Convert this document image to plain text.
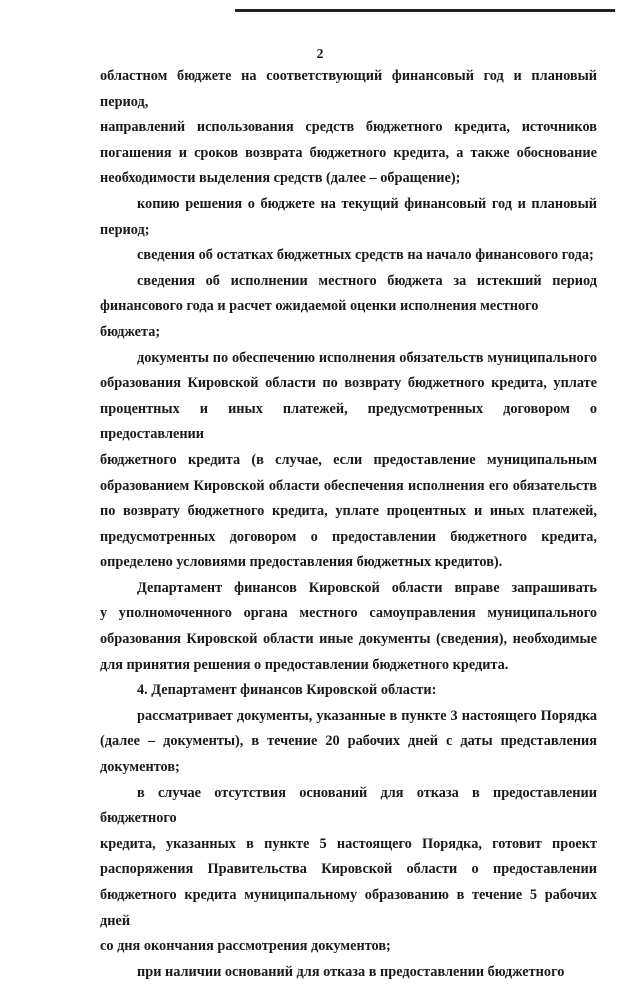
2

областном бюджете на соответствующий финансовый год и плановый период,

направлений использования средств бюджетного кредита, источников

погашения и сроков возврата бюджетного кредита, а также обоснование

необходимости выделения средств (далее – обращение);

копию решения о бюджете на текущий финансовый год и плановый

период;

сведения об остатках бюджетных средств на начало финансового года;

сведения об исполнении местного бюджета за истекший период

финансового года и расчет ожидаемой оценки исполнения местного бюджета;

документы по обеспечению исполнения обязательств муниципального

образования Кировской области по возврату бюджетного кредита, уплате

процентных и иных платежей, предусмотренных договором о предоставлении

бюджетного кредита (в случае, если предоставление муниципальным

образованием Кировской области обеспечения исполнения его обязательств

по возврату бюджетного кредита, уплате процентных и иных платежей,

предусмотренных договором о предоставлении бюджетного кредита,

определено условиями предоставления бюджетных кредитов).

Департамент финансов Кировской области вправе запрашивать

у уполномоченного органа местного самоуправления муниципального

образования Кировской области иные документы (сведения), необходимые

для принятия решения о предоставлении бюджетного кредита.

4. Департамент финансов Кировской области:

рассматривает документы, указанные в пункте 3 настоящего Порядка

(далее – документы), в течение 20 рабочих дней с даты представления

документов;

в случае отсутствия оснований для отказа в предоставлении бюджетного

кредита, указанных в пункте 5 настоящего Порядка, готовит проект

распоряжения Правительства Кировской области о предоставлении

бюджетного кредита муниципальному образованию в течение 5 рабочих дней

со дня окончания рассмотрения документов;

при наличии оснований для отказа в предоставлении бюджетного
